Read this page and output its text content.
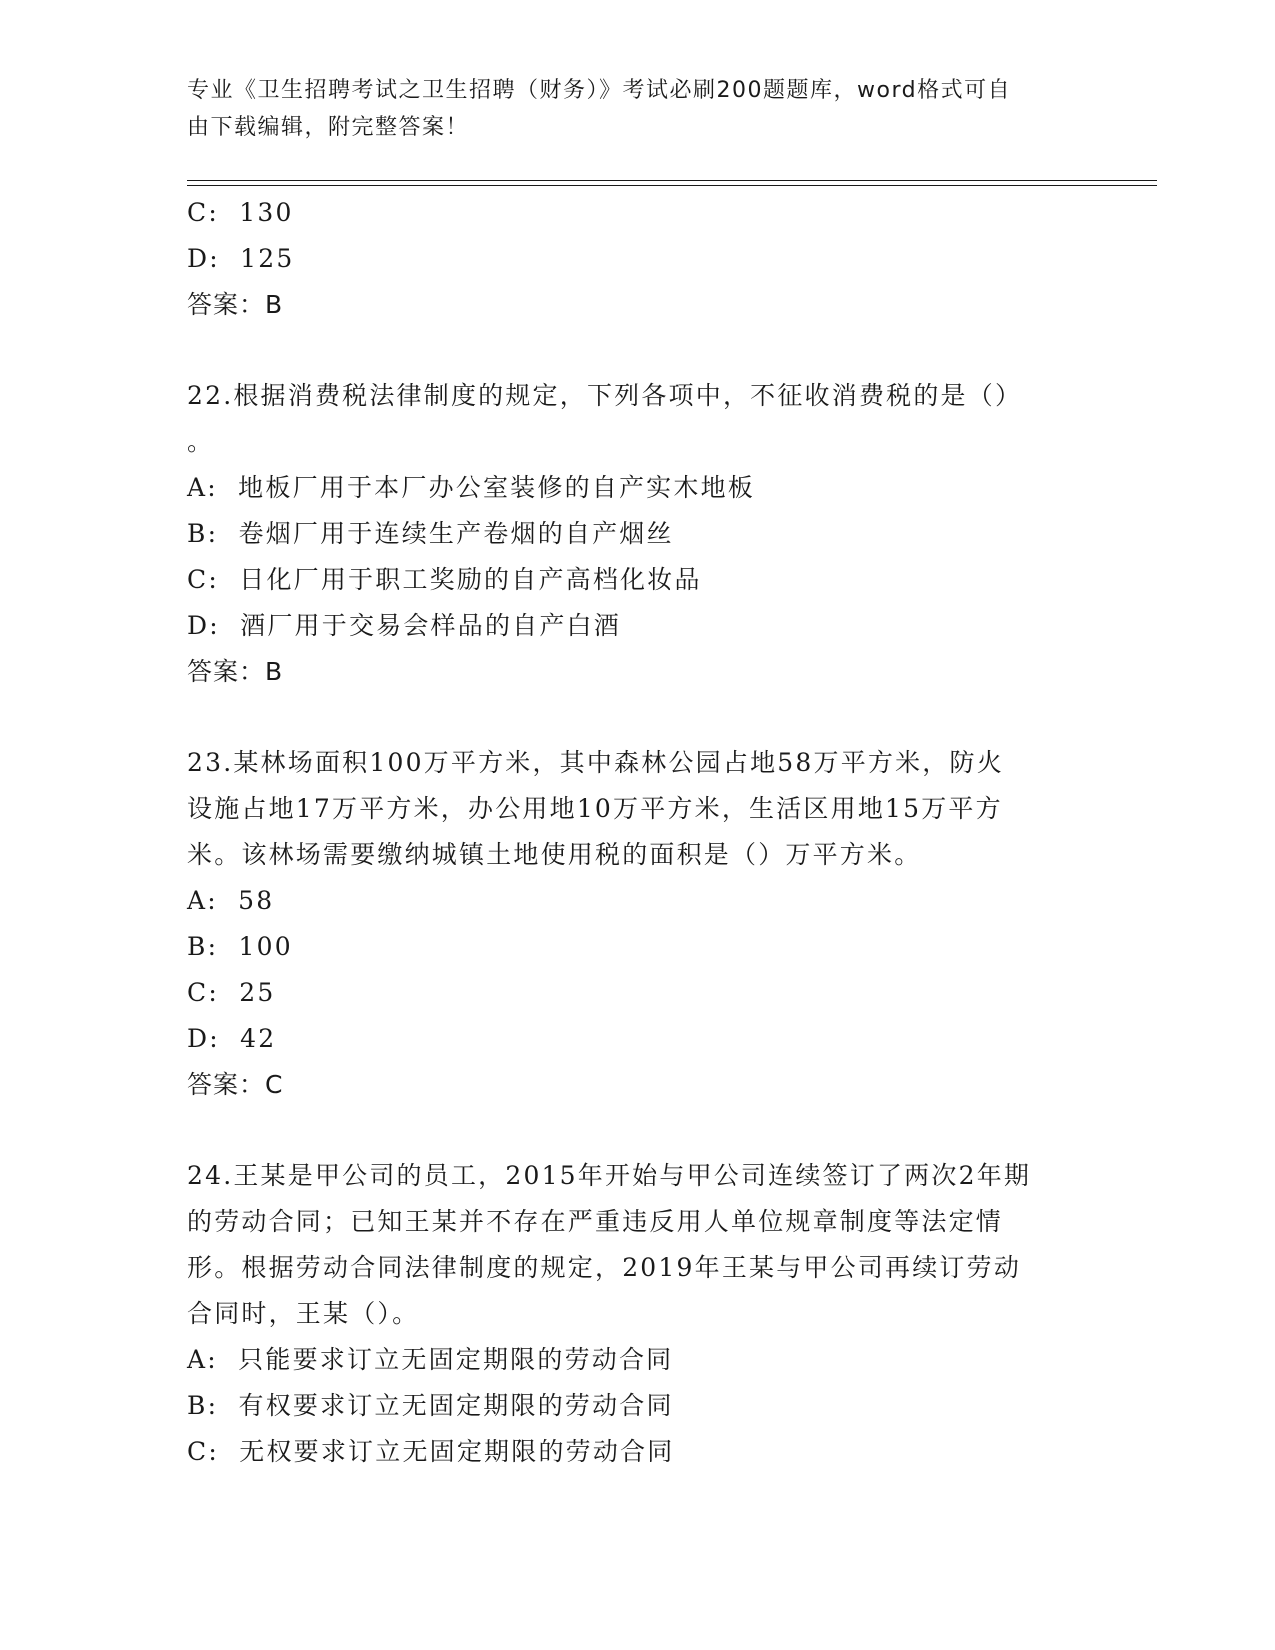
专业《卫生招聘考试之卫生招聘（财务）》考试必刷200题题库，word格式可自
由下载编辑，附完整答案！
C:  130
D:  125
答案：B
22.根据消费税法律制度的规定，下列各项中，不征收消费税的是（）
。
A:  地板厂用于本厂办公室装修的自产实木地板
B:  卷烟厂用于连续生产卷烟的自产烟丝
C:  日化厂用于职工奖励的自产高档化妆品
D:  酒厂用于交易会样品的自产白酒
答案：B
23.某林场面积100万平方米，其中森林公园占地58万平方米，防火
设施占地17万平方米，办公用地10万平方米，生活区用地15万平方
米。该林场需要缴纳城镇土地使用税的面积是（）万平方米。
A:  58
B:  100
C:  25
D:  42
答案：C
24.王某是甲公司的员工，2015年开始与甲公司连续签订了两次2年期
的劳动合同；已知王某并不存在严重违反用人单位规章制度等法定情
形。根据劳动合同法律制度的规定，2019年王某与甲公司再续订劳动
合同时，王某（）。
A:  只能要求订立无固定期限的劳动合同
B:  有权要求订立无固定期限的劳动合同
C:  无权要求订立无固定期限的劳动合同
